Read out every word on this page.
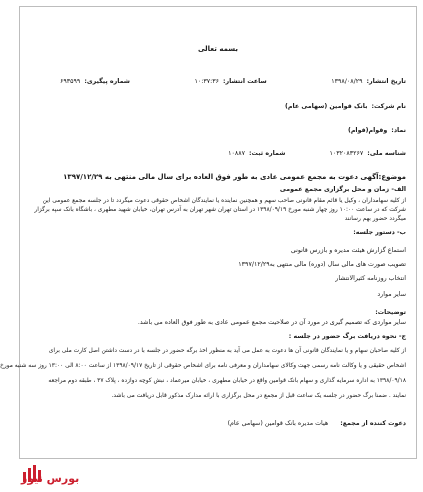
بسمه تعالی
تاریخ انتشار:
۱۳۹۸/۰۸/۲۹
ساعت انتشار:
۱۰:۳۷:۳۶
شماره پیگیری:
۶۹۳۵۹۹
نام شرکت:
بانک قوامین (سهامی عام)
نماد:
وقوام(قوام)
شناسه ملی:
۱۰۳۲۰۸۳۲۶۷
شماره ثبت:
۱۰۸۸۷
موضوع:آگهی دعوت به مجمع عمومی عادی به طور فوق العاده برای سال مالی منتهی به ۱۳۹۷/۱۲/۲۹
الف- زمان و محل برگزاری مجمع عمومی
از کلیه سهامداران ، وکیل یا قائم مقام قانونی صاحب سهم و همچنین نماینده یا نمایندگان اشخاص حقوقی دعوت میگردد تا در جلسه مجمع عمومی این
شرکت که در ساعت ۱۰:۰۰ روز چهار شنبه مورخ ۱۳۹۸/۰۹/۱۹ در استان تهران شهر تهران به آدرس تهران، خیابان شهید مطهری ، باشگاه بانک سپه برگزار
میگردد حضور بهم رسانند
ب- دستور جلسه:
استماع گزارش هیئت مدیره و بازرس قانونی
تصویب صورت های مالی سال (دوره) مالی منتهی به۱۳۹۷/۱۲/۲۹
انتخاب روزنامه کثیرالانتشار
سایر موارد
توضیحات:
سایر مواردی که تصمیم گیری در مورد آن در صلاحیت مجمع عمومی عادی به طور فوق العاده می باشد.
ج- نحوه دریافت برگ حضور در جلسه :
از کلیه صاحبان سهام و یا نمایندگان قانونی آن ها دعوت به عمل می آید به منظور اخذ برگه حضور در جلسه با در دست داشتن اصل کارت ملی برای
اشخاص حقیقی و یا وکالت نامه رسمی جهت وکالای سهامداران و معرفی نامه برای اشخاص حقوقی از تاریخ ۱۳۹۸/۰۹/۱۷ از ساعت ۸:۰۰ الی ۱۳:۰۰ روز سه شنبه مورخ
۱۳۹۸/۰۹/۱۸ به اداره سرمایه گذاری و سهام بانک قوامین واقع در خیابان مطهری ، خیابان میرعماد ، نبش کوچه دوازده ، پلاک ۳۷ ، طبقه دوم مراجعه
نمایند . ضمنا برگ حضور در جلسه یک ساعت قبل از مجمع در محل برگزاری با ارائه مدارک مذکور قابل دریافت می باشد.
دعوت کننده از مجمع:
هیات مدیره بانک قوامین (سهامی عام)
بورس نیوز
